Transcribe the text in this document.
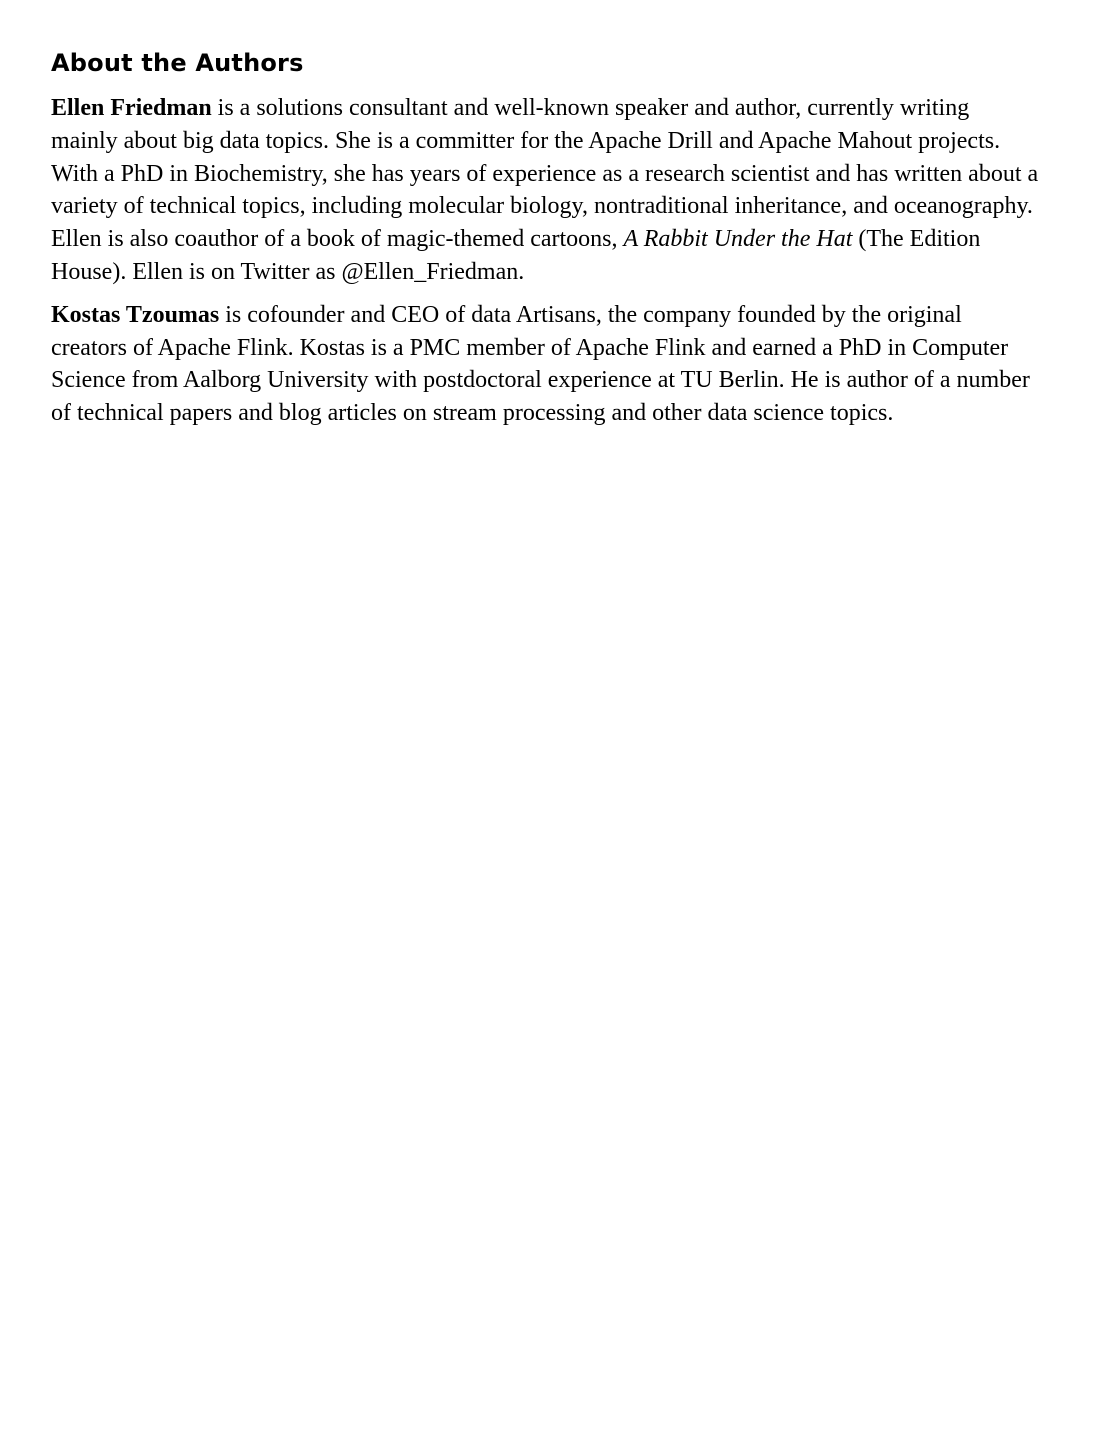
About the Authors

Ellen Friedman is a solutions consultant and well-known speaker and author, currently writing mainly about big data topics. She is a committer for the Apache Drill and Apache Mahout projects. With a PhD in Biochemistry, she has years of experience as a research scientist and has written about a variety of technical topics, including molecular biology, nontraditional inheritance, and oceanography. Ellen is also coauthor of a book of magic-themed cartoons, A Rabbit Under the Hat (The Edition House). Ellen is on Twitter as @Ellen_Friedman.

Kostas Tzoumas is cofounder and CEO of data Artisans, the company founded by the original creators of Apache Flink. Kostas is a PMC member of Apache Flink and earned a PhD in Computer Science from Aalborg University with postdoctoral experience at TU Berlin. He is author of a number of technical papers and blog articles on stream processing and other data science topics.
